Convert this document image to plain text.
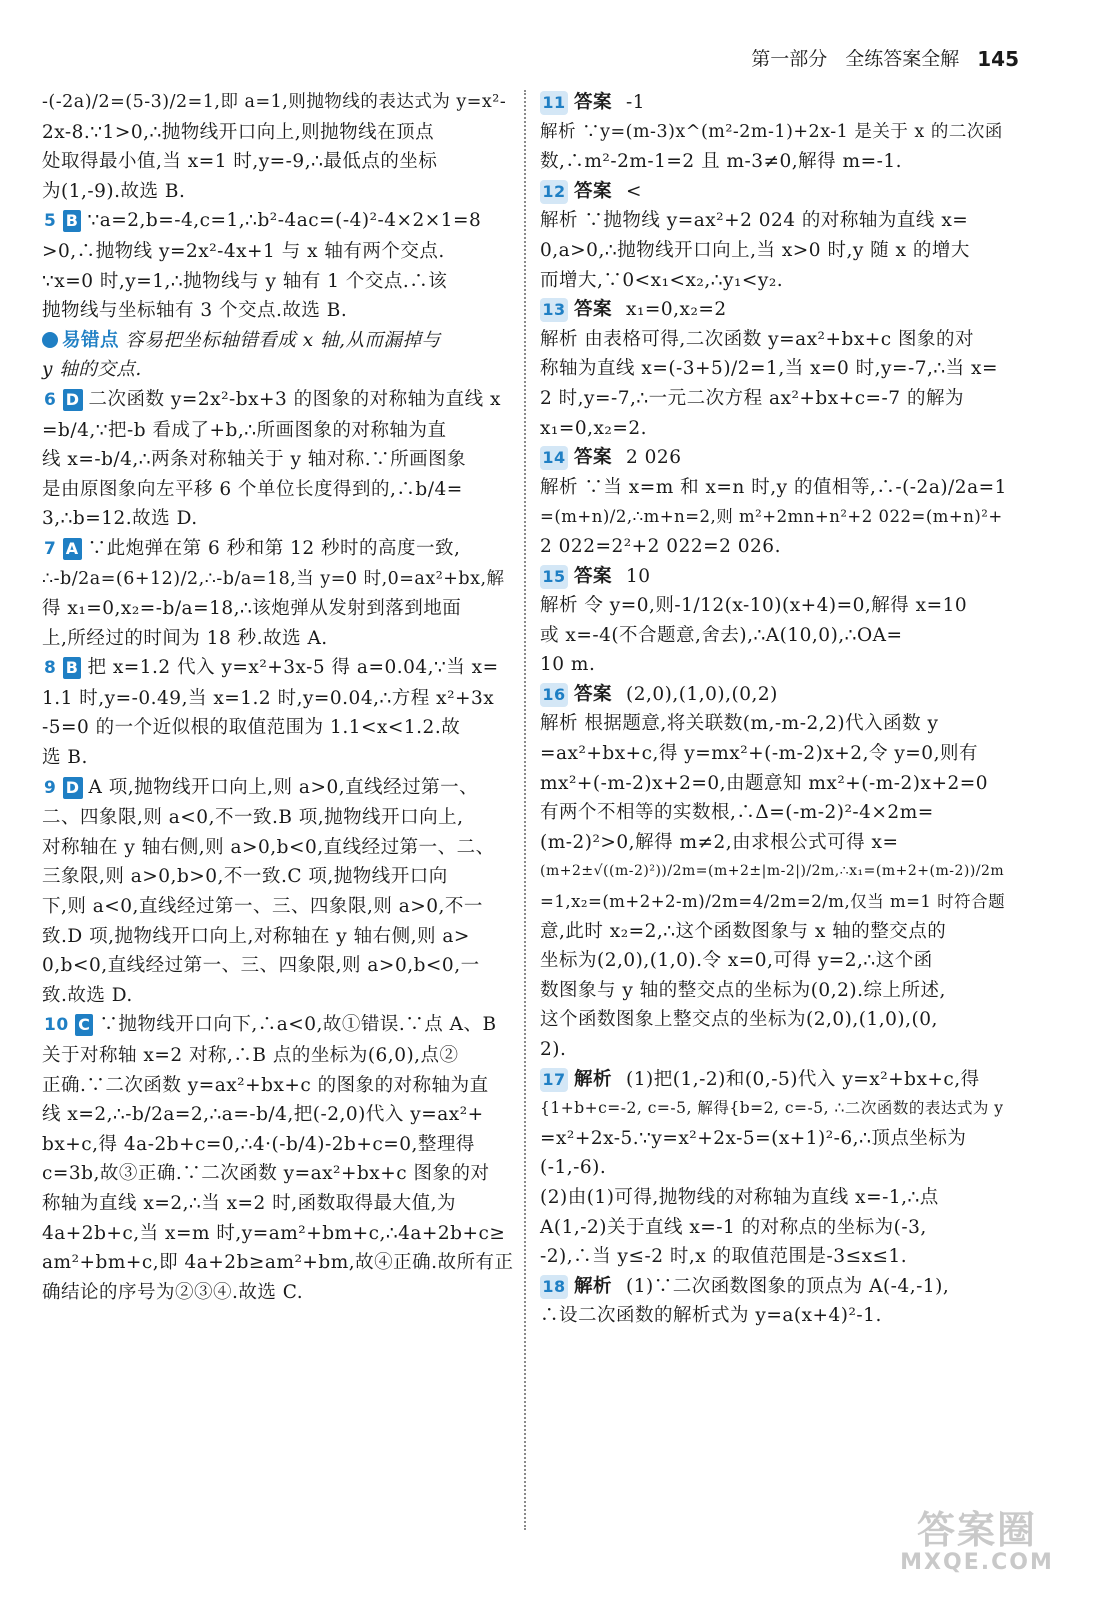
第一部分 全练答案全解 145
-(-2a)/2=(5-3)/2=1,即 a=1,则抛物线的表达式为 y=x²-
2x-8.∵1>0,∴抛物线开口向上,则抛物线在顶点
处取得最小值,当 x=1 时,y=-9,∴最低点的坐标
为(1,-9).故选 B.
5 B ∵a=2,b=-4,c=1,∴b²-4ac=(-4)²-4×2×1=8
>0,∴抛物线 y=2x²-4x+1 与 x 轴有两个交点.
∵x=0 时,y=1,∴抛物线与 y 轴有 1 个交点.∴该
抛物线与坐标轴有 3 个交点.故选 B.
易错点 容易把坐标轴错看成 x 轴,从而漏掉与
y 轴的交点.
6 D 二次函数 y=2x²-bx+3 的图象的对称轴为直线 x
=b/4,∵把-b 看成了+b,∴所画图象的对称轴为直
线 x=-b/4,∴两条对称轴关于 y 轴对称.∵所画图象
是由原图象向左平移 6 个单位长度得到的,∴b/4=
3,∴b=12.故选 D.
7 A ∵此炮弹在第 6 秒和第 12 秒时的高度一致,
∴-b/2a=(6+12)/2,∴-b/a=18,当 y=0 时,0=ax²+bx,解
得 x₁=0,x₂=-b/a=18,∴该炮弹从发射到落到地面
上,所经过的时间为 18 秒.故选 A.
8 B 把 x=1.2 代入 y=x²+3x-5 得 a=0.04,∵当 x=
1.1 时,y=-0.49,当 x=1.2 时,y=0.04,∴方程 x²+3x
-5=0 的一个近似根的取值范围为 1.1<x<1.2.故
选 B.
9 D A 项,抛物线开口向上,则 a>0,直线经过第一、
二、四象限,则 a<0,不一致.B 项,抛物线开口向上,
对称轴在 y 轴右侧,则 a>0,b<0,直线经过第一、二、
三象限,则 a>0,b>0,不一致.C 项,抛物线开口向
下,则 a<0,直线经过第一、三、四象限,则 a>0,不一
致.D 项,抛物线开口向上,对称轴在 y 轴右侧,则 a>
0,b<0,直线经过第一、三、四象限,则 a>0,b<0,一
致.故选 D.
10 C ∵抛物线开口向下,∴a<0,故①错误.∵点 A、B
关于对称轴 x=2 对称,∴B 点的坐标为(6,0),点②
正确.∵二次函数 y=ax²+bx+c 的图象的对称轴为直
线 x=2,∴-b/2a=2,∴a=-b/4,把(-2,0)代入 y=ax²+
bx+c,得 4a-2b+c=0,∴4·(-b/4)-2b+c=0,整理得
c=3b,故③正确.∵二次函数 y=ax²+bx+c 图象的对
称轴为直线 x=2,∴当 x=2 时,函数取得最大值,为
4a+2b+c,当 x=m 时,y=am²+bm+c,∴4a+2b+c≥
am²+bm+c,即 4a+2b≥am²+bm,故④正确.故所有正
确结论的序号为②③④.故选 C.
11 答案 -1
解析 ∵y=(m-3)x^(m²-2m-1)+2x-1 是关于 x 的二次函
数,∴m²-2m-1=2 且 m-3≠0,解得 m=-1.
12 答案 <
解析 ∵抛物线 y=ax²+2 024 的对称轴为直线 x=
0,a>0,∴抛物线开口向上,当 x>0 时,y 随 x 的增大
而增大,∵0<x₁<x₂,∴y₁<y₂.
13 答案 x₁=0,x₂=2
解析 由表格可得,二次函数 y=ax²+bx+c 图象的对
称轴为直线 x=(-3+5)/2=1,当 x=0 时,y=-7,∴当 x=
2 时,y=-7,∴一元二次方程 ax²+bx+c=-7 的解为
x₁=0,x₂=2.
14 答案 2 026
解析 ∵当 x=m 和 x=n 时,y 的值相等,∴-(-2a)/2a=1
=(m+n)/2,∴m+n=2,则 m²+2mn+n²+2 022=(m+n)²+
2 022=2²+2 022=2 026.
15 答案 10
解析 令 y=0,则-1/12(x-10)(x+4)=0,解得 x=10
或 x=-4(不合题意,舍去),∴A(10,0),∴OA=
10 m.
16 答案 (2,0),(1,0),(0,2)
解析 根据题意,将关联数(m,-m-2,2)代入函数 y
=ax²+bx+c,得 y=mx²+(-m-2)x+2,令 y=0,则有
mx²+(-m-2)x+2=0,由题意知 mx²+(-m-2)x+2=0
有两个不相等的实数根,∴Δ=(-m-2)²-4×2m=
(m-2)²>0,解得 m≠2,由求根公式可得 x=
(m+2±√((m-2)²))/2m=(m+2±|m-2|)/2m,∴x₁=(m+2+(m-2))/2m
=1,x₂=(m+2+2-m)/2m=4/2m=2/m,仅当 m=1 时符合题
意,此时 x₂=2,∴这个函数图象与 x 轴的整交点的
坐标为(2,0),(1,0).令 x=0,可得 y=2,∴这个函
数图象与 y 轴的整交点的坐标为(0,2).综上所述,
这个函数图象上整交点的坐标为(2,0),(1,0),(0,
2).
17 解析 (1)把(1,-2)和(0,-5)代入 y=x²+bx+c,得
{1+b+c=-2, c=-5, 解得{b=2, c=-5, ∴二次函数的表达式为 y
=x²+2x-5.∵y=x²+2x-5=(x+1)²-6,∴顶点坐标为
(-1,-6).
(2)由(1)可得,抛物线的对称轴为直线 x=-1,∴点
A(1,-2)关于直线 x=-1 的对称点的坐标为(-3,
-2),∴当 y≤-2 时,x 的取值范围是-3≤x≤1.
18 解析 (1)∵二次函数图象的顶点为 A(-4,-1),
∴设二次函数的解析式为 y=a(x+4)²-1.
答案圈
MXQE.COM
